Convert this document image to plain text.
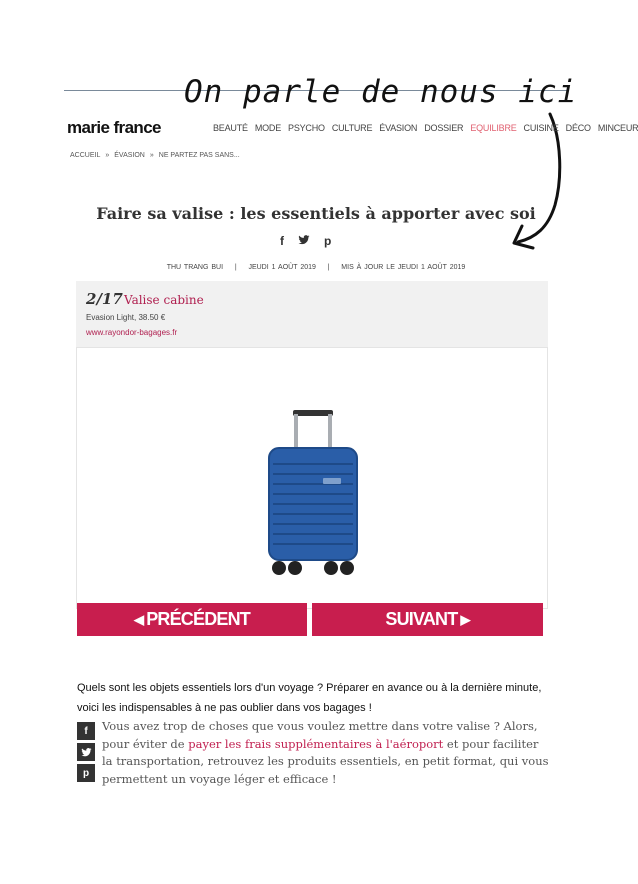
On parle de nous ici
marie france	BEAUTÉ MODE PSYCHO CULTURE ÉVASION DOSSIER EQUILIBRE CUISINE DÉCO MINCEUR
ACCUEIL » ÉVASION » NE PARTEZ PAS SANS...
Faire sa valise : les essentiels à apporter avec soi
f	p
THU TRANG BUI | JEUDI 1 AOÛT 2019 | MIS À JOUR LE JEUDI 1 AOÛT 2019
2/17 Valise cabine
Evasion Light, 38.50 €
www.rayondor-bagages.fr
◀ PRÉCÉDENT	SUIVANT ▶

Quels sont les objets essentiels lors d'un voyage ? Préparer en avance ou à la dernière minute, voici les indispensables à ne pas oublier dans vos bagages !

f
p

Vous avez trop de choses que vous voulez mettre dans votre valise ? Alors, pour éviter de payer les frais supplémentaires à l'aéroport et pour faciliter la transportation, retrouvez les produits essentiels, en petit format, qui vous permettent un voyage léger et efficace !
